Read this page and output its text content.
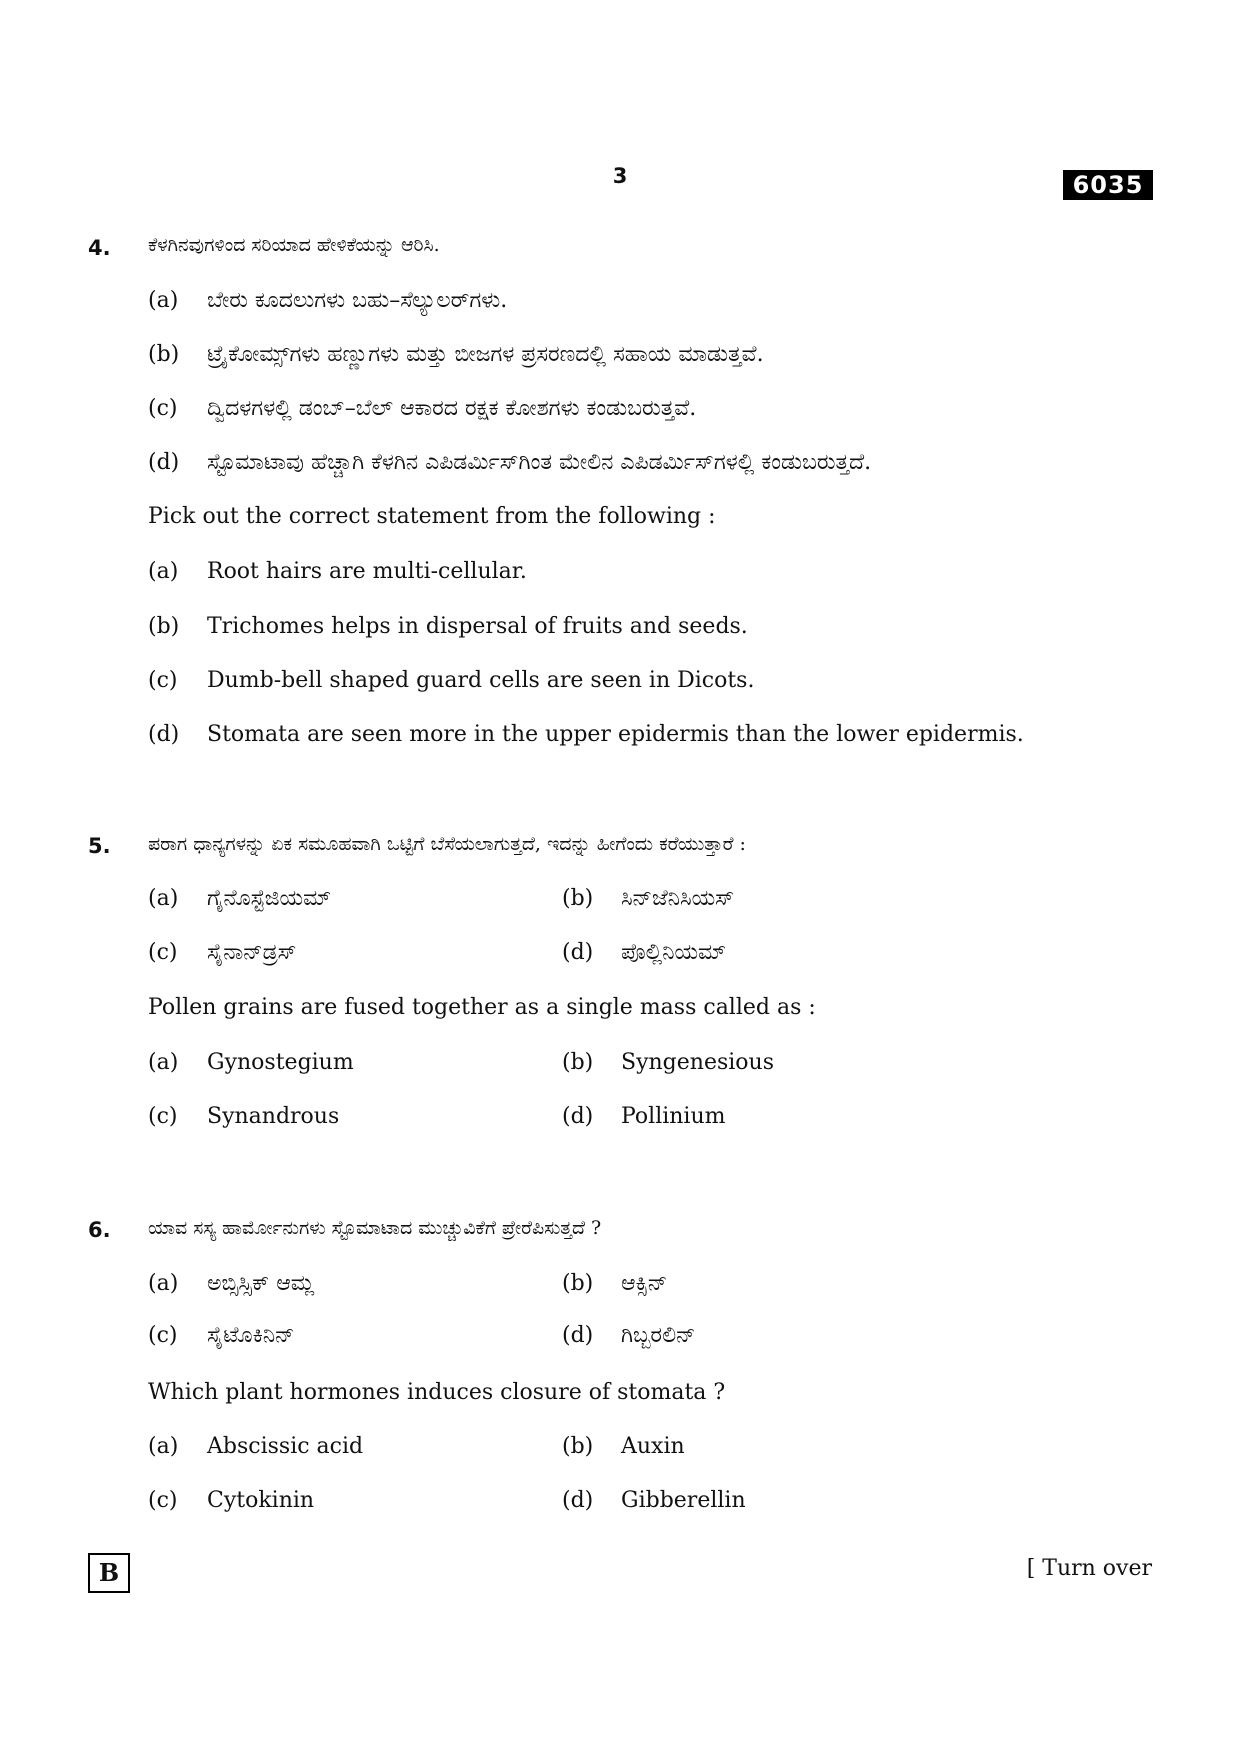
3	6035
4. ಕೆಳಗಿನವುಗಳಿಂದ ಸರಿಯಾದ ಹೇಳಿಕೆಯನ್ನು ಆರಿಸಿ.
(a) ಬೇರು ಕೂದಲುಗಳು ಬಹು–ಸೆಲ್ಯುಲರ್‌ಗಳು.
(b) ಟ್ರೈಕೋಮ್ಸ್‌ಗಳು ಹಣ್ಣುಗಳು ಮತ್ತು ಬೀಜಗಳ ಪ್ರಸರಣದಲ್ಲಿ ಸಹಾಯ ಮಾಡುತ್ತವೆ.
(c) ದ್ವಿದಳಗಳಲ್ಲಿ ಡಂಬ್–ಬೆಲ್ ಆಕಾರದ ರಕ್ಷಕ ಕೋಶಗಳು ಕಂಡುಬರುತ್ತವೆ.
(d) ಸ್ಟೊಮಾಟಾವು ಹೆಚ್ಚಾಗಿ ಕೆಳಗಿನ ಎಪಿಡರ್ಮಿಸ್‌ಗಿಂತ ಮೇಲಿನ ಎಪಿಡರ್ಮಿಸ್‌ಗಳಲ್ಲಿ ಕಂಡುಬರುತ್ತದೆ.
Pick out the correct statement from the following :
(a) Root hairs are multi-cellular.
(b) Trichomes helps in dispersal of fruits and seeds.
(c) Dumb-bell shaped guard cells are seen in Dicots.
(d) Stomata are seen more in the upper epidermis than the lower epidermis.
5. ಪರಾಗ ಧಾನ್ಯಗಳನ್ನು ಏಕ ಸಮೂಹವಾಗಿ ಒಟ್ಟಿಗೆ ಬೆಸೆಯಲಾಗುತ್ತದೆ, ಇದನ್ನು ಹೀಗೆಂದು ಕರೆಯುತ್ತಾರೆ :
(a) ಗೈನೊಸ್ಟೆಜಿಯಮ್	(b) ಸಿನ್‌ಜೆನಿಸಿಯಸ್
(c) ಸೈನಾನ್‌ಡ್ರಸ್	(d) ಪೊಲ್ಲಿನಿಯಮ್
Pollen grains are fused together as a single mass called as :
(a) Gynostegium	(b) Syngenesious
(c) Synandrous	(d) Pollinium
6. ಯಾವ ಸಸ್ಯ ಹಾರ್ಮೋನುಗಳು ಸ್ಟೊಮಾಟಾದ ಮುಚ್ಚುವಿಕೆಗೆ ಪ್ರೇರೆಪಿಸುತ್ತದೆ ?
(a) ಅಬ್ಸಿಸ್ಸಿಕ್ ಆಮ್ಲ	(b) ಆಕ್ಸಿನ್
(c) ಸೈಟೊಕಿನಿನ್	(d) ಗಿಬ್ಬರಲಿನ್
Which plant hormones induces closure of stomata ?
(a) Abscissic acid	(b) Auxin
(c) Cytokinin	(d) Gibberellin
B	[ Turn over
